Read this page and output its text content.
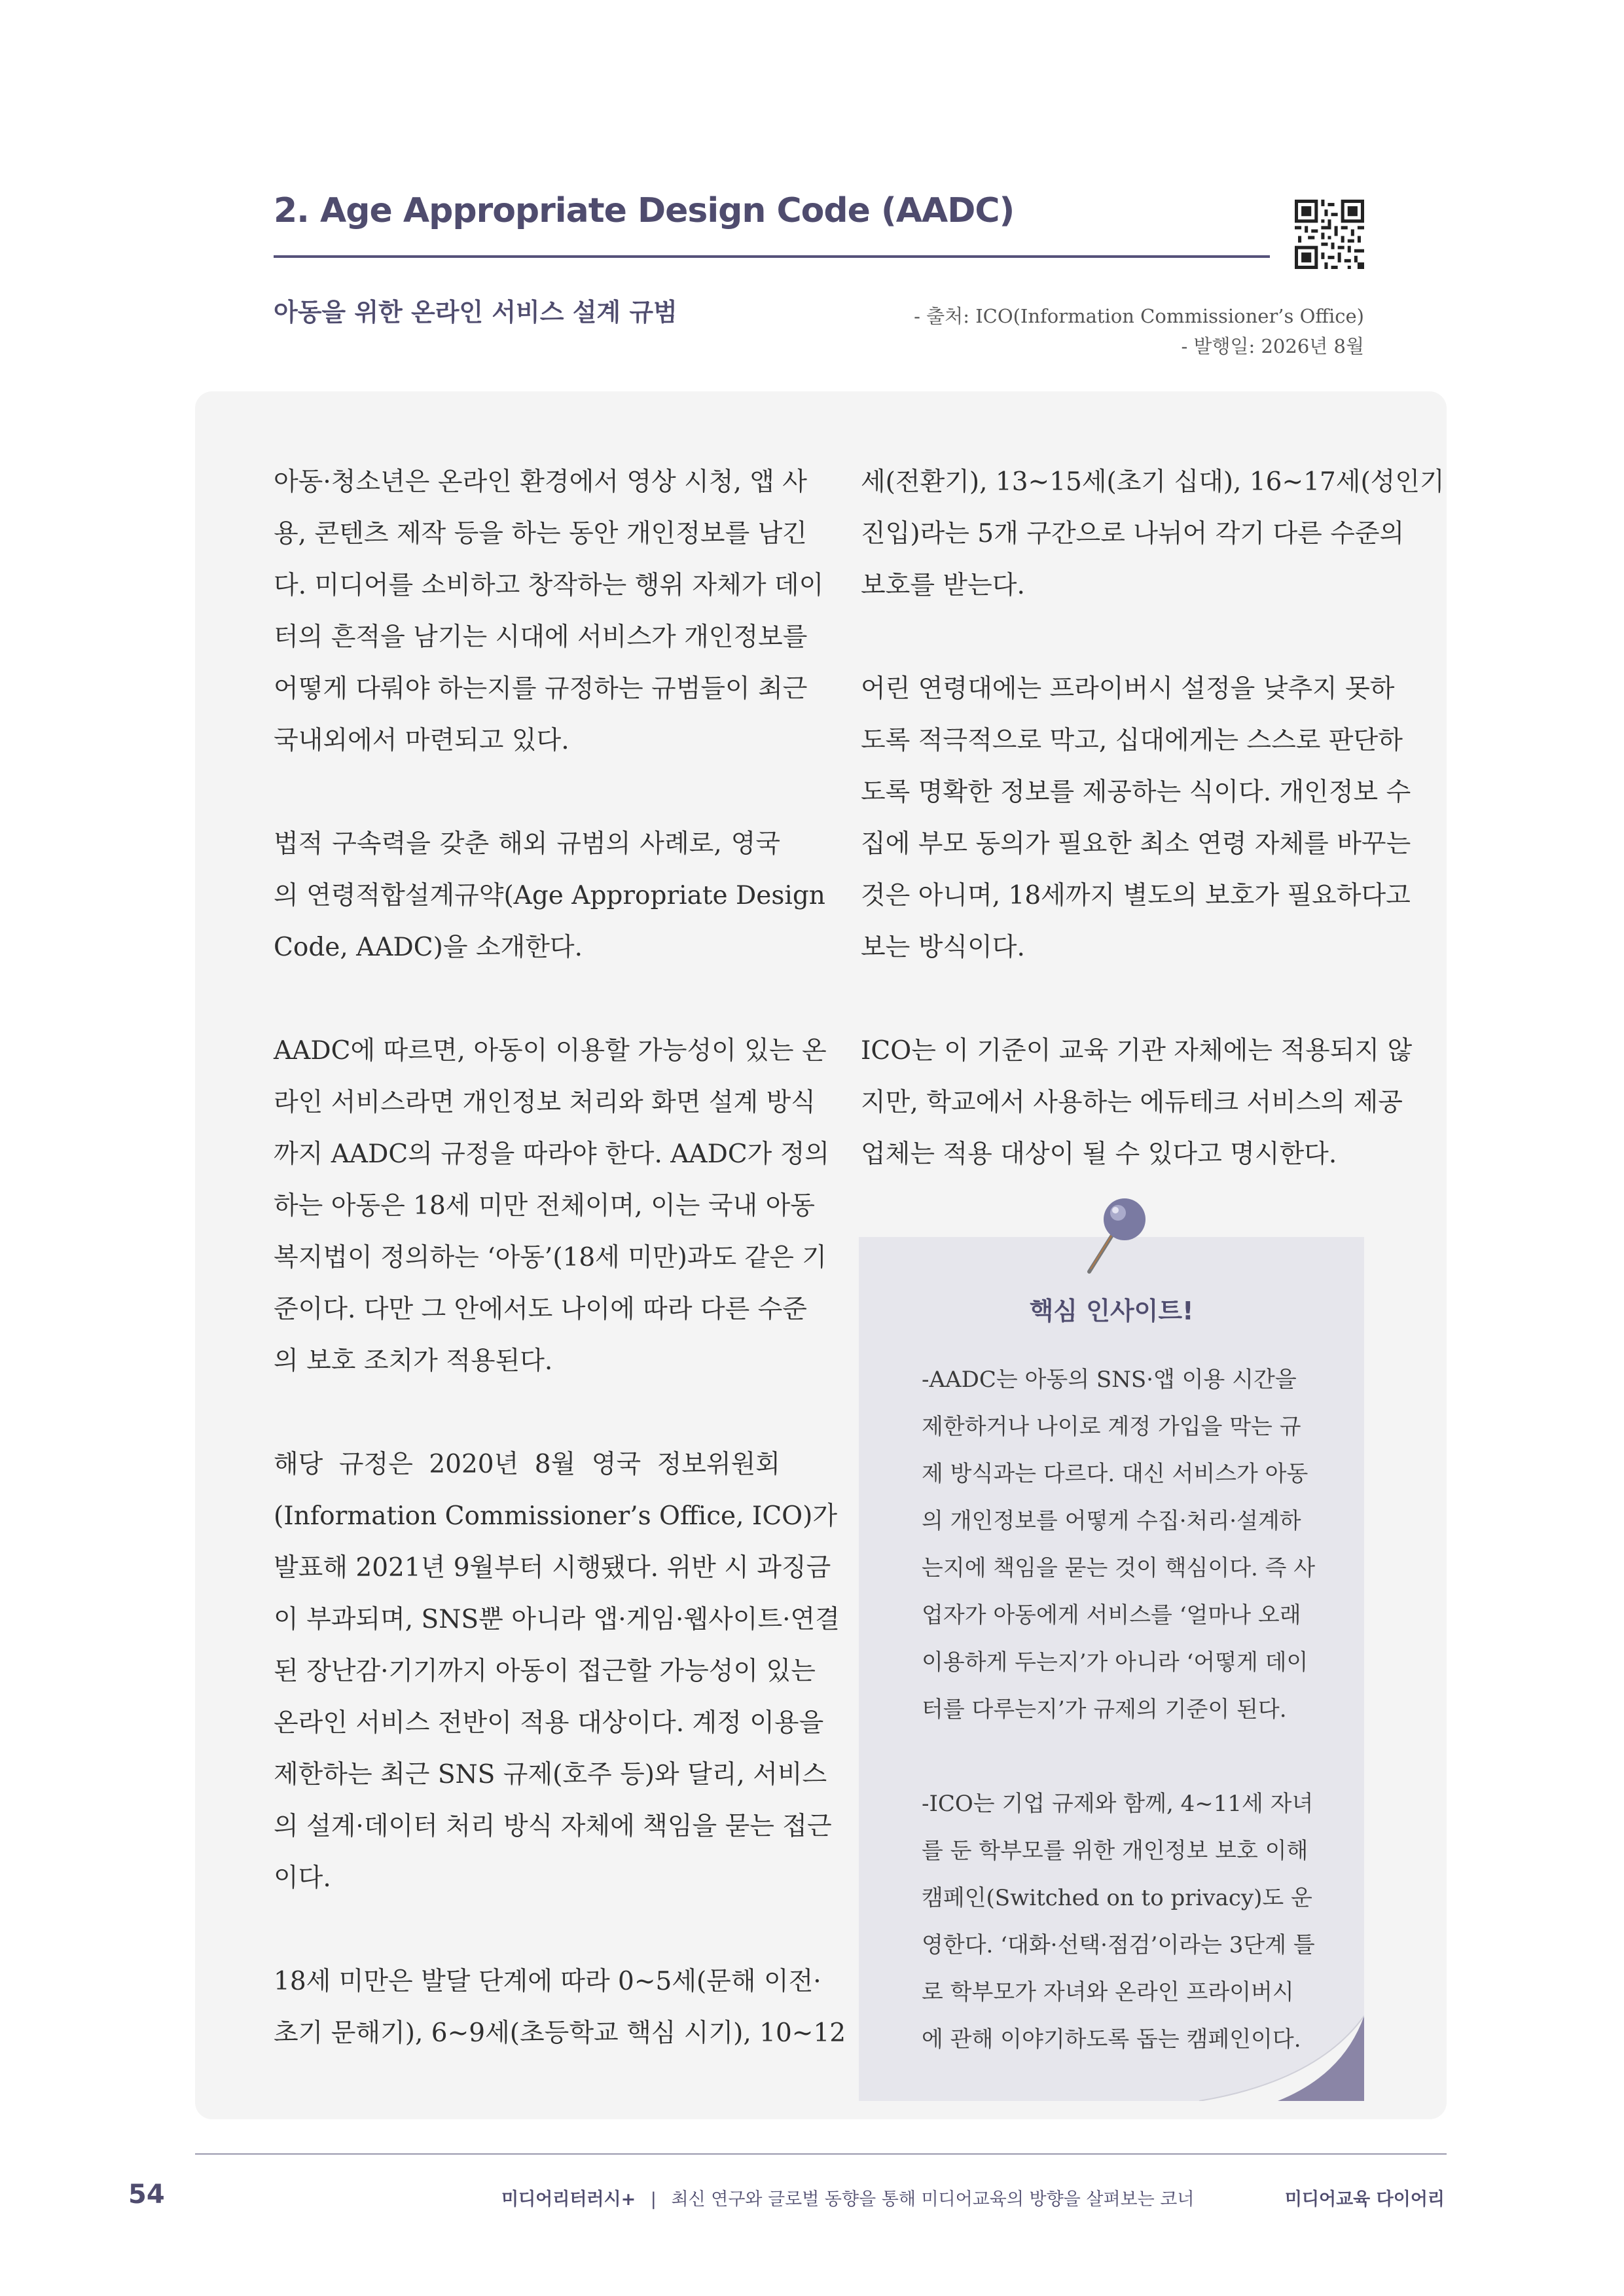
2. Age Appropriate Design Code (AADC)
아동을 위한 온라인 서비스 설계 규범	- 출처: ICO(Information Commissioner’s Office)
- 발행일: 2026년 8월
아동·청소년은 온라인 환경에서 영상 시청, 앱 사
용, 콘텐츠 제작 등을 하는 동안 개인정보를 남긴
다. 미디어를 소비하고 창작하는 행위 자체가 데이
터의 흔적을 남기는 시대에 서비스가 개인정보를
어떻게 다뤄야 하는지를 규정하는 규범들이 최근
국내외에서 마련되고 있다.
법적 구속력을 갖춘 해외 규범의 사례로, 영국
의 연령적합설계규약(Age Appropriate Design
Code, AADC)을 소개한다.
AADC에 따르면, 아동이 이용할 가능성이 있는 온
라인 서비스라면 개인정보 처리와 화면 설계 방식
까지 AADC의 규정을 따라야 한다. AADC가 정의
하는 아동은 18세 미만 전체이며, 이는 국내 아동
복지법이 정의하는 ‘아동’(18세 미만)과도 같은 기
준이다. 다만 그 안에서도 나이에 따라 다른 수준
의 보호 조치가 적용된다.
해당 규정은 2020년 8월 영국 정보위원회
(Information Commissioner’s Office, ICO)가
발표해 2021년 9월부터 시행됐다. 위반 시 과징금
이 부과되며, SNS뿐 아니라 앱·게임·웹사이트·연결
된 장난감·기기까지 아동이 접근할 가능성이 있는
온라인 서비스 전반이 적용 대상이다. 계정 이용을
제한하는 최근 SNS 규제(호주 등)와 달리, 서비스
의 설계·데이터 처리 방식 자체에 책임을 묻는 접근
이다.
18세 미만은 발달 단계에 따라 0~5세(문해 이전·
초기 문해기), 6~9세(초등학교 핵심 시기), 10~12
세(전환기), 13~15세(초기 십대), 16~17세(성인기
진입)라는 5개 구간으로 나뉘어 각기 다른 수준의
보호를 받는다.
어린 연령대에는 프라이버시 설정을 낮추지 못하
도록 적극적으로 막고, 십대에게는 스스로 판단하
도록 명확한 정보를 제공하는 식이다. 개인정보 수
집에 부모 동의가 필요한 최소 연령 자체를 바꾸는
것은 아니며, 18세까지 별도의 보호가 필요하다고
보는 방식이다.
ICO는 이 기준이 교육 기관 자체에는 적용되지 않
지만, 학교에서 사용하는 에듀테크 서비스의 제공
업체는 적용 대상이 될 수 있다고 명시한다.
핵심 인사이트!
-AADC는 아동의 SNS·앱 이용 시간을
제한하거나 나이로 계정 가입을 막는 규
제 방식과는 다르다. 대신 서비스가 아동
의 개인정보를 어떻게 수집·처리·설계하
는지에 책임을 묻는 것이 핵심이다. 즉 사
업자가 아동에게 서비스를 ‘얼마나 오래
이용하게 두는지’가 아니라 ‘어떻게 데이
터를 다루는지’가 규제의 기준이 된다.
-ICO는 기업 규제와 함께, 4~11세 자녀
를 둔 학부모를 위한 개인정보 보호 이해
캠페인(Switched on to privacy)도 운
영한다. ‘대화·선택·점검’이라는 3단계 틀
로 학부모가 자녀와 온라인 프라이버시
에 관해 이야기하도록 돕는 캠페인이다.
54	미디어리터러시+ | 최신 연구와 글로벌 동향을 통해 미디어교육의 방향을 살펴보는 코너	미디어교육 다이어리
